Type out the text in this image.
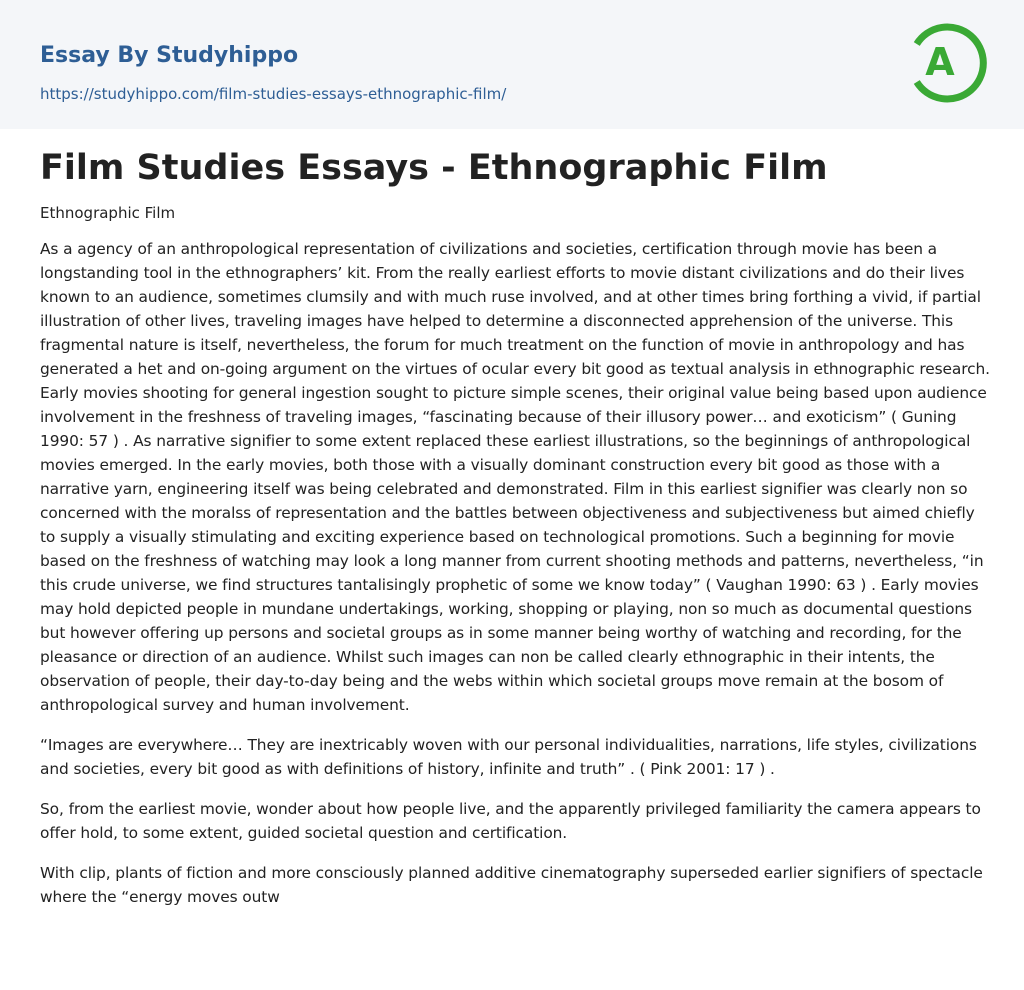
Essay By Studyhippo
https://studyhippo.com/film-studies-essays-ethnographic-film/
A
Film Studies Essays - Ethnographic Film
Ethnographic Film

As a agency of an anthropological representation of civilizations and societies, certification through movie has been a longstanding tool in the ethnographers’ kit. From the really earliest efforts to movie distant civilizations and do their lives known to an audience, sometimes clumsily and with much ruse involved, and at other times bring forthing a vivid, if partial illustration of other lives, traveling images have helped to determine a disconnected apprehension of the universe. This fragmental nature is itself, nevertheless, the forum for much treatment on the function of movie in anthropology and has generated a het and on-going argument on the virtues of ocular every bit good as textual analysis in ethnographic research. Early movies shooting for general ingestion sought to picture simple scenes, their original value being based upon audience involvement in the freshness of traveling images, “fascinating because of their illusory power… and exoticism” ( Guning 1990: 57 ) . As narrative signifier to some extent replaced these earliest illustrations, so the beginnings of anthropological movies emerged. In the early movies, both those with a visually dominant construction every bit good as those with a narrative yarn, engineering itself was being celebrated and demonstrated. Film in this earliest signifier was clearly non so concerned with the moralss of representation and the battles between objectiveness and subjectiveness but aimed chiefly to supply a visually stimulating and exciting experience based on technological promotions. Such a beginning for movie based on the freshness of watching may look a long manner from current shooting methods and patterns, nevertheless, “in this crude universe, we find structures tantalisingly prophetic of some we know today” ( Vaughan 1990: 63 ) . Early movies may hold depicted people in mundane undertakings, working, shopping or playing, non so much as documental questions but however offering up persons and societal groups as in some manner being worthy of watching and recording, for the pleasance or direction of an audience. Whilst such images can non be called clearly ethnographic in their intents, the observation of people, their day-to-day being and the webs within which societal groups move remain at the bosom of anthropological survey and human involvement.

“Images are everywhere… They are inextricably woven with our personal individualities, narrations, life styles, civilizations and societies, every bit good as with definitions of history, infinite and truth” . ( Pink 2001: 17 ) .

So, from the earliest movie, wonder about how people live, and the apparently privileged familiarity the camera appears to offer hold, to some extent, guided societal question and certification.

With clip, plants of fiction and more consciously planned additive cinematography superseded earlier signifiers of spectacle where the “energy moves outw
